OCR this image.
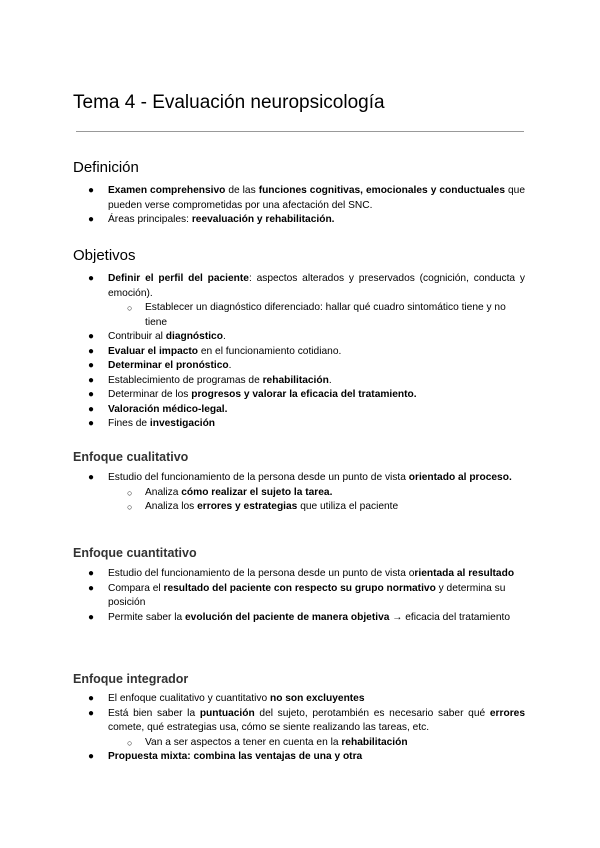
Tema 4 - Evaluación neuropsicología
Definición
● Examen comprehensivo de las funciones cognitivas, emocionales y conductuales que pueden verse comprometidas por una afectación del SNC.
● Áreas principales: reevaluación y rehabilitación.
Objetivos
● Definir el perfil del paciente: aspectos alterados y preservados (cognición, conducta y emoción).
○ Establecer un diagnóstico diferenciado: hallar qué cuadro sintomático tiene y no tiene
● Contribuir al diagnóstico.
● Evaluar el impacto en el funcionamiento cotidiano.
● Determinar el pronóstico.
● Establecimiento de programas de rehabilitación.
● Determinar de los progresos y valorar la eficacia del tratamiento.
● Valoración médico-legal.
● Fines de investigación
Enfoque cualitativo
● Estudio del funcionamiento de la persona desde un punto de vista orientado al proceso.
○ Analiza cómo realizar el sujeto la tarea.
○ Analiza los errores y estrategias que utiliza el paciente
Enfoque cuantitativo
● Estudio del funcionamiento de la persona desde un punto de vista orientada al resultado
● Compara el resultado del paciente con respecto su grupo normativo y determina su posición
● Permite saber la evolución del paciente de manera objetiva → eficacia del tratamiento
Enfoque integrador
● El enfoque cualitativo y cuantitativo no son excluyentes
● Está bien saber la puntuación del sujeto, perotambién es necesario saber qué errores comete, qué estrategias usa, cómo se siente realizando las tareas, etc.
○ Van a ser aspectos a tener en cuenta en la rehabilitación
● Propuesta mixta: combina las ventajas de una y otra
